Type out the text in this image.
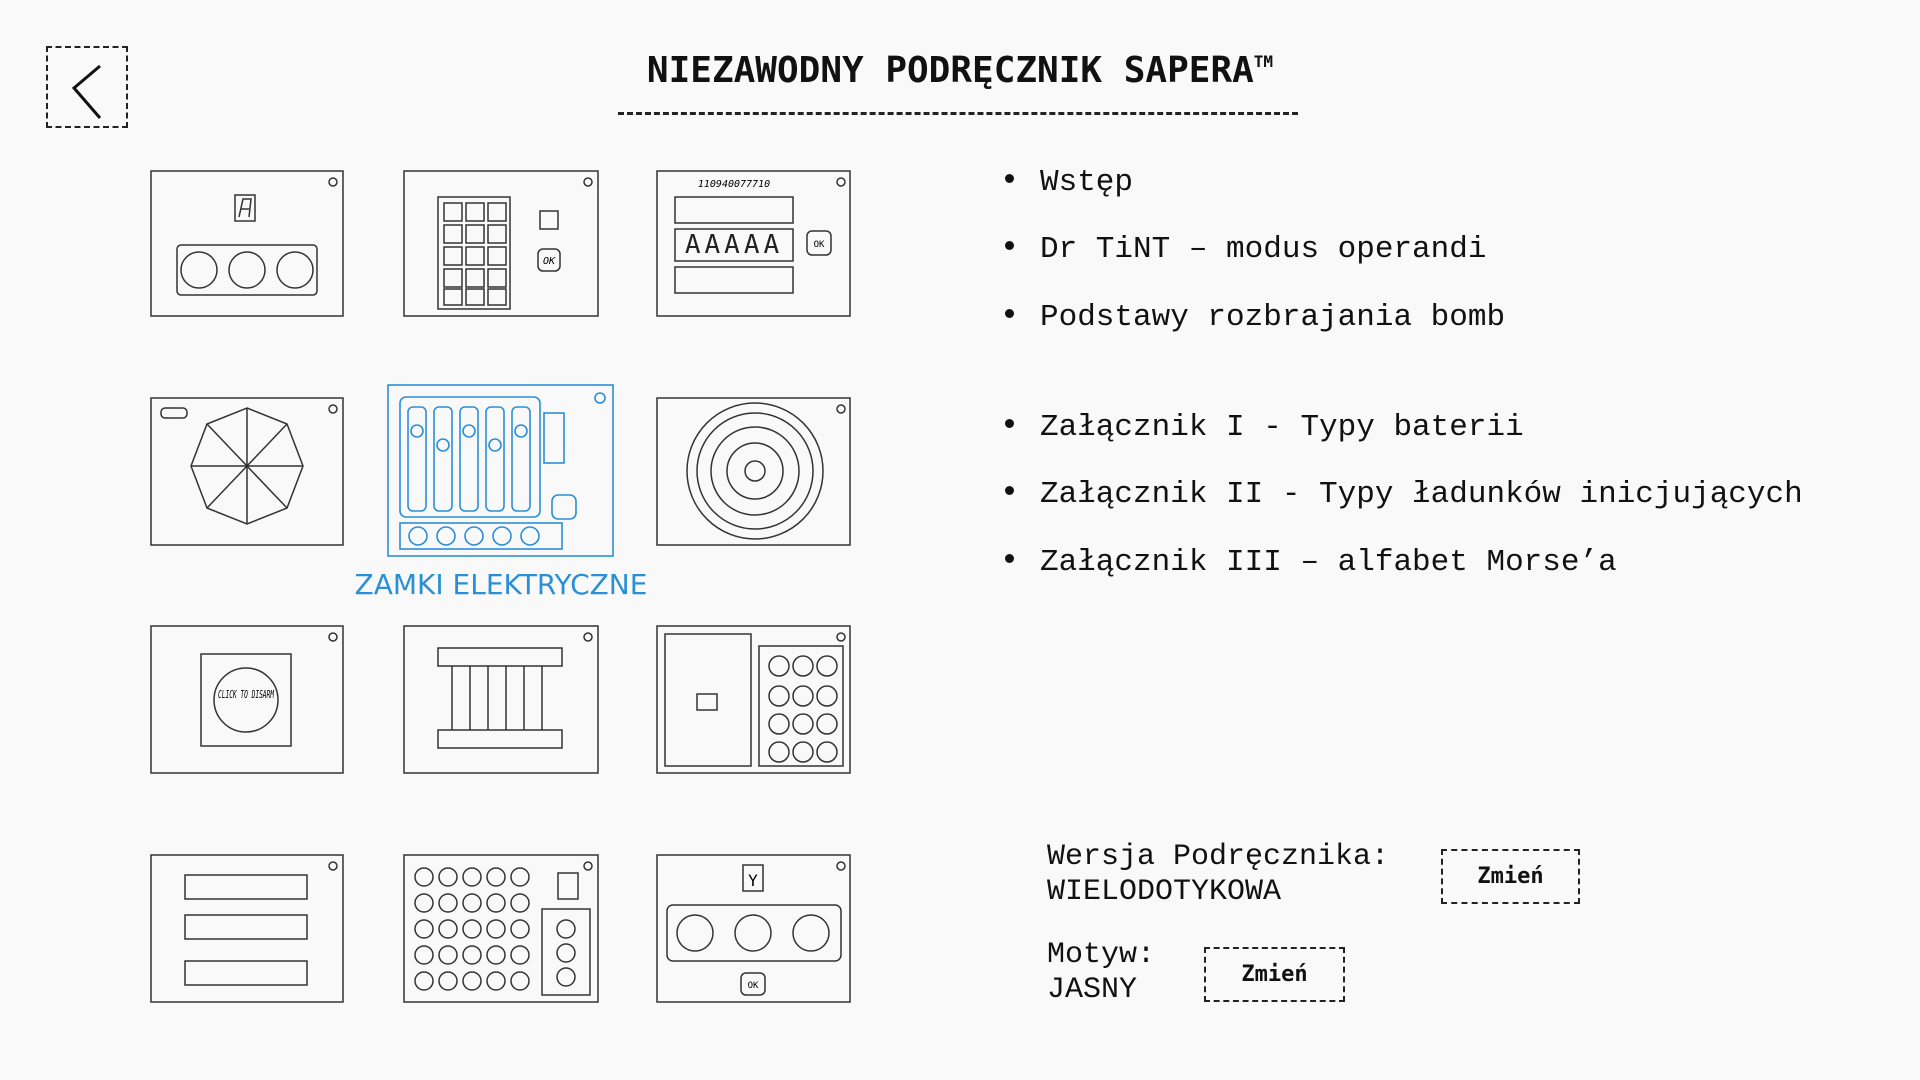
NIEZAWODNY PODRĘCZNIK SAPERA™
OK
110940077710
AAAAA	OK
ZAMKI ELEKTRYCZNE
CLICK TO DISARM
Y
OK
Wstęp
Dr TiNT – modus operandi
Podstawy rozbrajania bomb
Załącznik I - Typy baterii
Załącznik II - Typy ładunków inicjujących
Załącznik III – alfabet Morse’a
Wersja Podręcznika:
WIELODOTYKOWA	Zmień
Motyw:
JASNY	Zmień
